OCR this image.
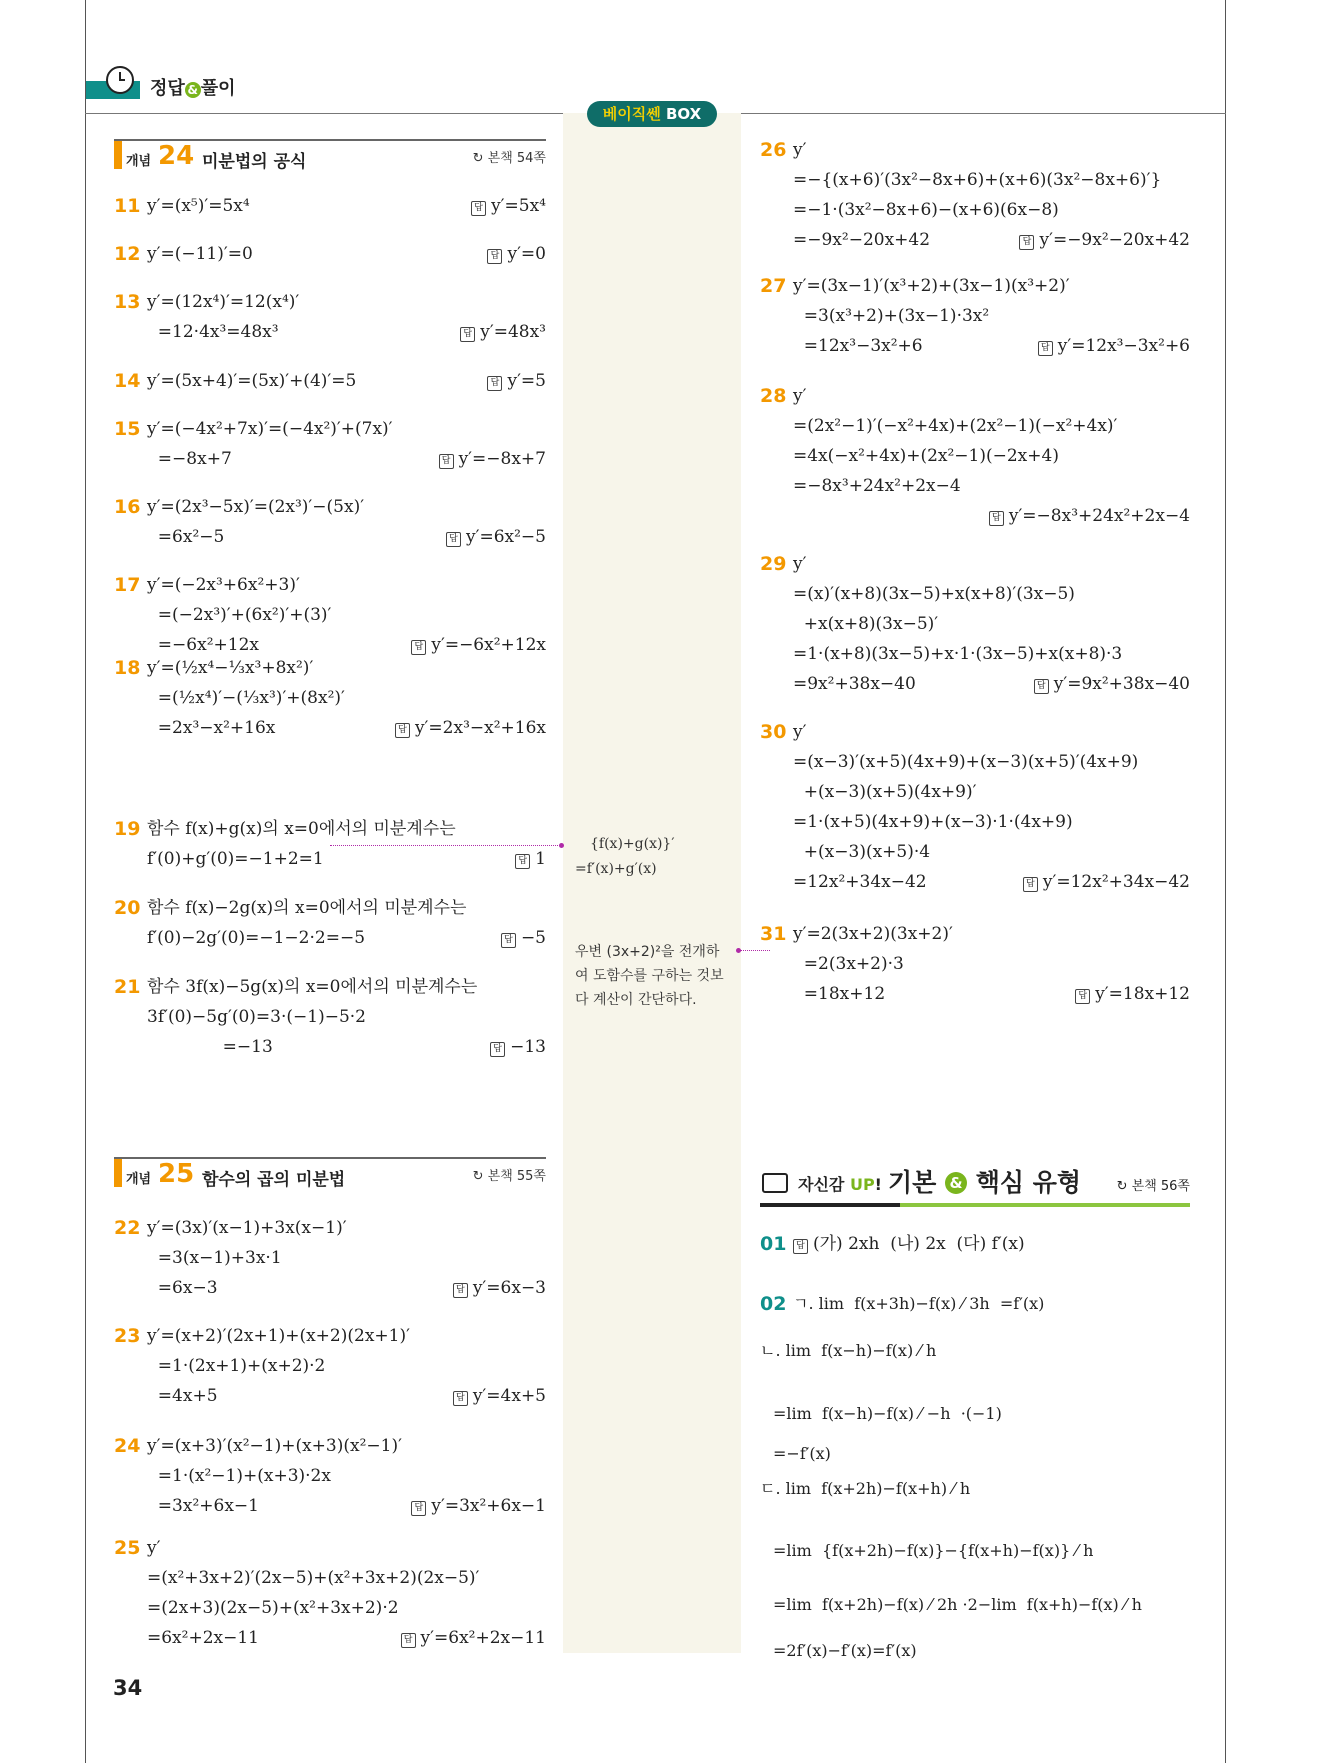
정답 & 풀이
베이직쎈 BOX
개념 24 미분법의 공식	↻ 본책 54쪽
개념 25 함수의 곱의 미분법	↻ 본책 55쪽
11 y′=(x⁵)′=5x⁴	답 y′=5x⁴
12 y′=(−11)′=0	답 y′=0
13 y′=(12x⁴)′=12(x⁴)′
=12·4x³=48x³	답 y′=48x³
14 y′=(5x+4)′=(5x)′+(4)′=5	답 y′=5
15 y′=(−4x²+7x)′=(−4x²)′+(7x)′
=−8x+7	답 y′=−8x+7
16 y′=(2x³−5x)′=(2x³)′−(5x)′
=6x²−5	답 y′=6x²−5
17 y′=(−2x³+6x²+3)′
=(−2x³)′+(6x²)′+(3)′
=−6x²+12x	답 y′=−6x²+12x
18 y′=(½x⁴−⅓x³+8x²)′
=(½x⁴)′−(⅓x³)′+(8x²)′
=2x³−x²+16x	답 y′=2x³−x²+16x
19 함수 f(x)+g(x)의 x=0에서의 미분계수는
f′(0)+g′(0)=−1+2=1	답 1
20 함수 f(x)−2g(x)의 x=0에서의 미분계수는
f′(0)−2g′(0)=−1−2·2=−5	답 −5
21 함수 3f(x)−5g(x)의 x=0에서의 미분계수는
3f′(0)−5g′(0)=3·(−1)−5·2
=−13	답 −13
22 y′=(3x)′(x−1)+3x(x−1)′
=3(x−1)+3x·1
=6x−3	답 y′=6x−3
23 y′=(x+2)′(2x+1)+(x+2)(2x+1)′
=1·(2x+1)+(x+2)·2
=4x+5	답 y′=4x+5
24 y′=(x+3)′(x²−1)+(x+3)(x²−1)′
=1·(x²−1)+(x+3)·2x
=3x²+6x−1	답 y′=3x²+6x−1
25 y′
=(x²+3x+2)′(2x−5)+(x²+3x+2)(2x−5)′
=(2x+3)(2x−5)+(x²+3x+2)·2
=6x²+2x−11	답 y′=6x²+2x−11
26 y′
=−{(x+6)′(3x²−8x+6)+(x+6)(3x²−8x+6)′}
=−1·(3x²−8x+6)−(x+6)(6x−8)
=−9x²−20x+42	답 y′=−9x²−20x+42
27 y′=(3x−1)′(x³+2)+(3x−1)(x³+2)′
=3(x³+2)+(3x−1)·3x²
=12x³−3x²+6	답 y′=12x³−3x²+6
28 y′
=(2x²−1)′(−x²+4x)+(2x²−1)(−x²+4x)′
=4x(−x²+4x)+(2x²−1)(−2x+4)
=−8x³+24x²+2x−4
답 y′=−8x³+24x²+2x−4
29 y′
=(x)′(x+8)(3x−5)+x(x+8)′(3x−5)
+x(x+8)(3x−5)′
=1·(x+8)(3x−5)+x·1·(3x−5)+x(x+8)·3
=9x²+38x−40	답 y′=9x²+38x−40
30 y′
=(x−3)′(x+5)(4x+9)+(x−3)(x+5)′(4x+9)
+(x−3)(x+5)(4x+9)′
=1·(x+5)(4x+9)+(x−3)·1·(4x+9)
+(x−3)(x+5)·4
=12x²+34x−42	답 y′=12x²+34x−42
31 y′=2(3x+2)(3x+2)′
=2(3x+2)·3
=18x+12	답 y′=18x+12
{f(x)+g(x)}′
=f′(x)+g′(x)
우변 (3x+2)²을 전개하
여 도함수를 구하는 것보
다 계산이 간단하다.
자신감 UP! 기본 & 핵심 유형	↻ 본책 56쪽
01	답 (가) 2xh  (나) 2x  (다) f′(x)
02 ㄱ. lim  f(x+3h)−f(x) ⁄ 3h  =f′(x)
ㄴ. lim  f(x−h)−f(x) ⁄ h
=lim  f(x−h)−f(x) ⁄ −h  ·(−1)
=−f′(x)
ㄷ. lim  f(x+2h)−f(x+h) ⁄ h
=lim  {f(x+2h)−f(x)}−{f(x+h)−f(x)} ⁄ h
=lim  f(x+2h)−f(x) ⁄ 2h ·2−lim  f(x+h)−f(x) ⁄ h
=2f′(x)−f′(x)=f′(x)
34
